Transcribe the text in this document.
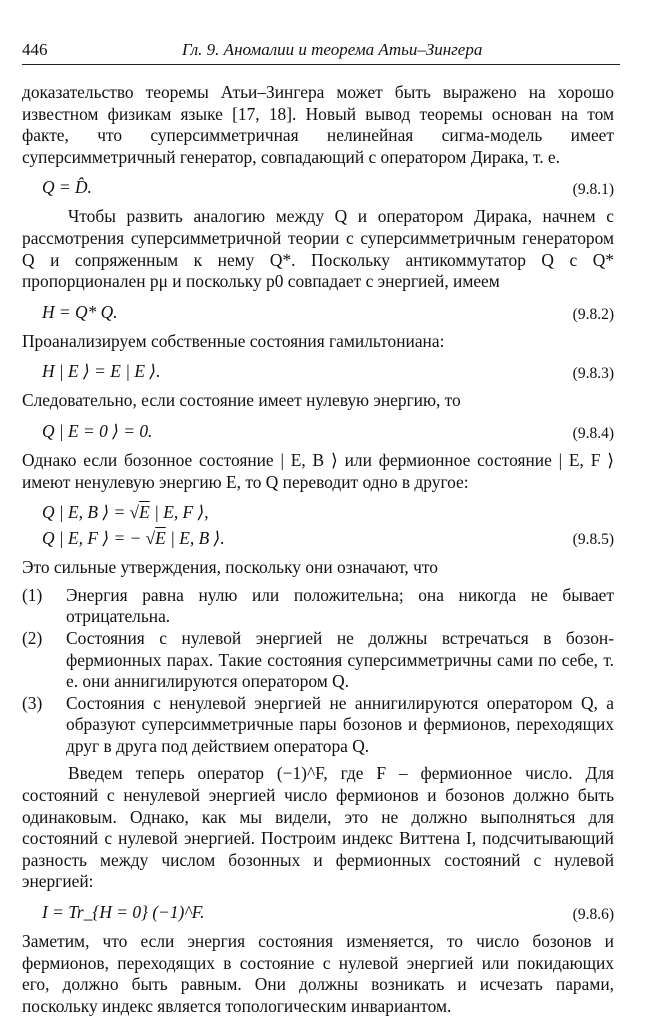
446	Гл. 9. Аномалии и теорема Атьи–Зингера

доказательство теоремы Атьи–Зингера может быть выражено на хорошо известном физикам языке [17, 18]. Новый вывод теоремы основан на том факте, что суперсимметричная нелинейная сигма-модель имеет суперсимметричный генератор, совпадающий с оператором Дирака, т. е.

Q = D̂.	(9.8.1)

Чтобы развить аналогию между Q и оператором Дирака, начнем с рассмотрения суперсимметричной теории с суперсимметричным генератором Q и сопряженным к нему Q*. Поскольку антикоммутатор Q с Q* пропорционален pμ и поскольку p0 совпадает с энергией, имеем

H = Q* Q.	(9.8.2)

Проанализируем собственные состояния гамильтониана:

H | E ⟩ = E | E ⟩.	(9.8.3)

Следовательно, если состояние имеет нулевую энергию, то

Q | E = 0 ⟩ = 0.	(9.8.4)

Однако если бозонное состояние | E, B ⟩ или фермионное состояние | E, F ⟩ имеют ненулевую энергию E, то Q переводит одно в другое:

Q | E, B ⟩ = √E | E, F ⟩,
Q | E, F ⟩ = − √E | E, B ⟩.	(9.8.5)

Это сильные утверждения, поскольку они означают, что

(1) Энергия равна нулю или положительна; она никогда не бывает отрицательна.
(2) Состояния с нулевой энергией не должны встречаться в бозон-фермионных парах. Такие состояния суперсимметричны сами по себе, т. е. они аннигилируются оператором Q.
(3) Состояния с ненулевой энергией не аннигилируются оператором Q, а образуют суперсимметричные пары бозонов и фермионов, переходящих друг в друга под действием оператора Q.

Введем теперь оператор (−1)^F, где F – фермионное число. Для состояний с ненулевой энергией число фермионов и бозонов должно быть одинаковым. Однако, как мы видели, это не должно выполняться для состояний с нулевой энергией. Построим индекс Виттена I, подсчитывающий разность между числом бозонных и фермионных состояний с нулевой энергией:

I = Tr_{H = 0} (−1)^F.	(9.8.6)

Заметим, что если энергия состояния изменяется, то число бозонов и фермионов, переходящих в состояние с нулевой энергией или покидающих его, должно быть равным. Они должны возникать и исчезать парами, поскольку индекс является топологическим инвариантом.
